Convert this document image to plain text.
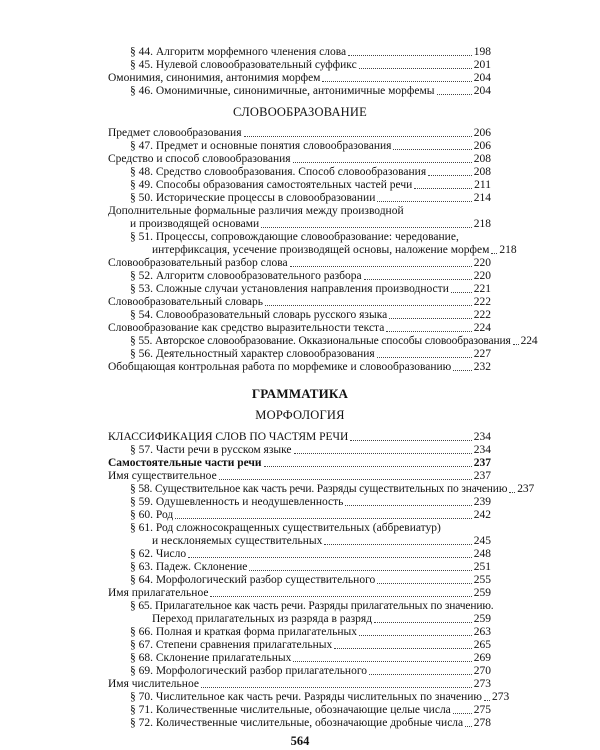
§ 44. Алгоритм морфемного членения слова	198
§ 45. Нулевой словообразовательный суффикс	201
Омонимия, синонимия, антонимия морфем	204
§ 46. Омонимичные, синонимичные, антонимичные морфемы	204
СЛОВООБРАЗОВАНИЕ
Предмет словообразования	206
§ 47. Предмет и основные понятия словообразования	206
Средство и способ словообразования	208
§ 48. Средство словообразования. Способ словообразования	208
§ 49. Способы образования самостоятельных частей речи	211
§ 50. Исторические процессы в словообразовании	214
Дополнительные формальные различия между производной
и производящей основами	218
§ 51. Процессы, сопровождающие словообразование: чередование,
интерфиксация, усечение производящей основы, наложение морфем 218
Словообразовательный разбор слова	220
§ 52. Алгоритм словообразовательного разбора	220
§ 53. Сложные случаи установления направления производности 221
Словообразовательный словарь	222
§ 54. Словообразовательный словарь русского языка	222
Словообразование как средство выразительности текста	224
§ 55. Авторское словообразование. Окказиональные способы словообразования 224
§ 56. Деятельностный характер словообразования	227
Обобщающая контрольная работа по морфемике и словообразованию 232
ГРАММАТИКА
МОРФОЛОГИЯ
КЛАССИФИКАЦИЯ СЛОВ ПО ЧАСТЯМ РЕЧИ	234
§ 57. Части речи в русском языке	234
Самостоятельные части речи	237
Имя существительное	237
§ 58. Существительное как часть речи. Разряды существительных по значению 237
§ 59. Одушевленность и неодушевленность	239
§ 60. Род	242
§ 61. Род сложносокращенных существительных (аббревиатур)
и несклоняемых существительных	245
§ 62. Число	248
§ 63. Падеж. Склонение	251
§ 64. Морфологический разбор существительного	255
Имя прилагательное	259
§ 65. Прилагательное как часть речи. Разряды прилагательных по значению.
Переход прилагательных из разряда в разряд	259
§ 66. Полная и краткая форма прилагательных	263
§ 67. Степени сравнения прилагательных	265
§ 68. Склонение прилагательных	269
§ 69. Морфологический разбор прилагательного	270
Имя числительное	273
§ 70. Числительное как часть речи. Разряды числительных по значению 273
§ 71. Количественные числительные, обозначающие целые числа 275
§ 72. Количественные числительные, обозначающие дробные числа 278
564
